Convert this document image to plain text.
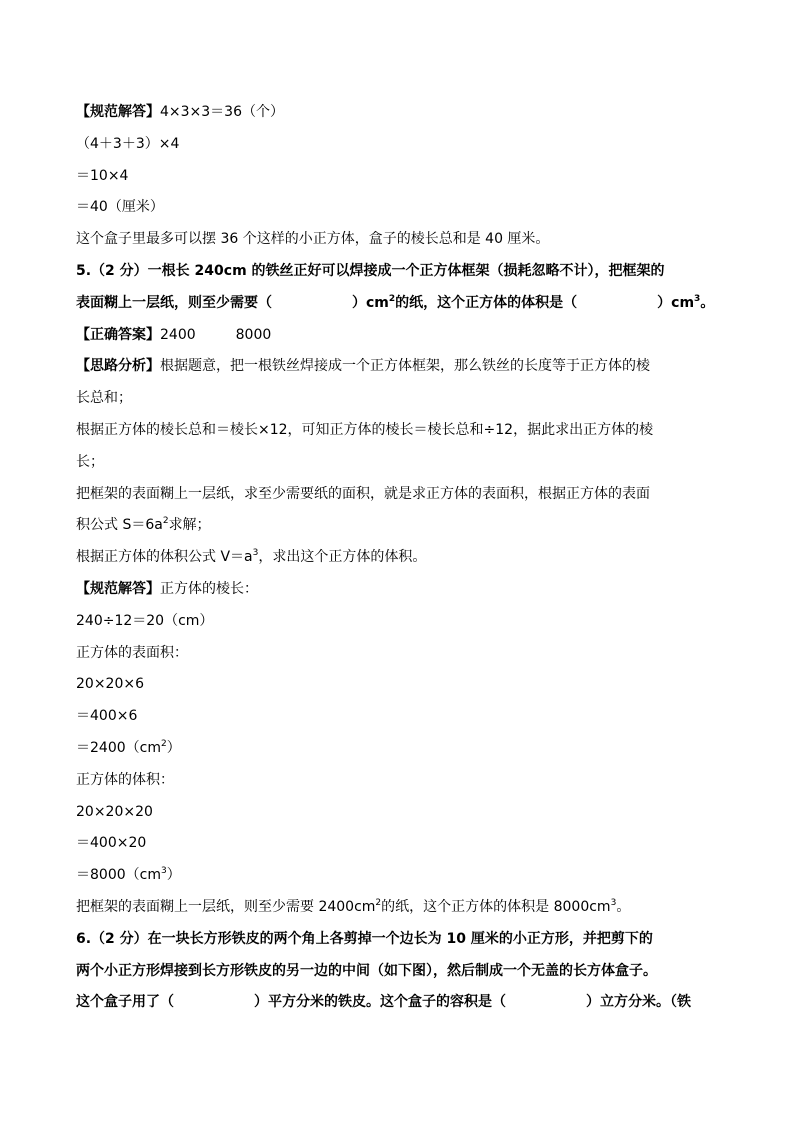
【规范解答】4×3×3＝36（个）
（4＋3＋3）×4
＝10×4
＝40（厘米）
这个盒子里最多可以摆 36 个这样的小正方体，盒子的棱长总和是 40 厘米。
5.（2 分）一根长 240cm 的铁丝正好可以焊接成一个正方体框架（损耗忽略不计），把框架的
表面糊上一层纸，则至少需要（	）$cm^2$的纸，这个正方体的体积是（	）$cm^3$。
【正确答案】2400	8000
【思路分析】根据题意，把一根铁丝焊接成一个正方体框架，那么铁丝的长度等于正方体的棱
长总和；
根据正方体的棱长总和＝棱长×12，可知正方体的棱长＝棱长总和÷12，据此求出正方体的棱
长；
把框架的表面糊上一层纸，求至少需要纸的面积，就是求正方体的表面积，根据正方体的表面
积公式 $S=6a^2$求解；
根据正方体的体积公式 $V=a^3$，求出这个正方体的体积。
【规范解答】正方体的棱长：
240÷12＝20（cm）
正方体的表面积：
20×20×6
＝400×6
$=2400(cm^2)$
正方体的体积：
20×20×20
＝400×20
$=8000(cm^3)$
把框架的表面糊上一层纸，则至少需要 $2400cm^2$的纸，这个正方体的体积是 $8000cm^3$。
6.（2 分）在一块长方形铁皮的两个角上各剪掉一个边长为 10 厘米的小正方形，并把剪下的
两个小正方形焊接到长方形铁皮的另一边的中间（如下图），然后制成一个无盖的长方体盒子。
这个盒子用了（	）平方分米的铁皮。这个盒子的容积是（	）立方分米。（铁
